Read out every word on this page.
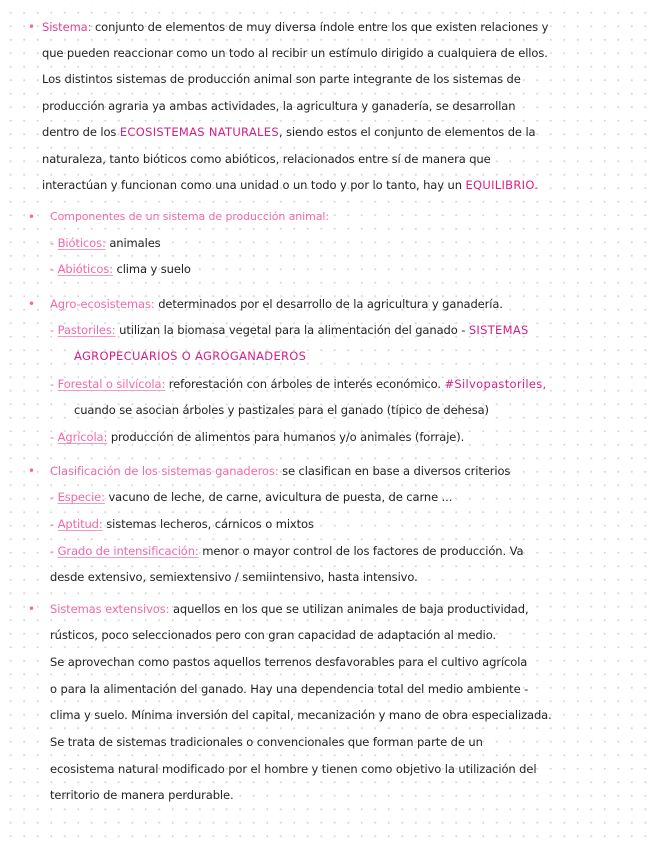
• Sistema: conjunto de elementos de muy diversa índole entre los que existen relaciones y
que pueden reaccionar como un todo al recibir un estímulo dirigido a cualquiera de ellos.
Los distintos sistemas de producción animal son parte integrante de los sistemas de
producción agraria ya ambas actividades, la agricultura y ganadería, se desarrollan
dentro de los ECOSISTEMAS NATURALES, siendo estos el conjunto de elementos de la
naturaleza, tanto bióticos como abióticos, relacionados entre sí de manera que
interactúan y funcionan como una unidad o un todo y por lo tanto, hay un EQUILIBRIO.
• Componentes de un sistema de producción animal:
- Bióticos: animales
- Abióticos: clima y suelo
• Agro-ecosistemas: determinados por el desarrollo de la agricultura y ganadería.
- Pastoriles: utilizan la biomasa vegetal para la alimentación del ganado - SISTEMAS
AGROPECUARIOS O AGROGANADEROS
- Forestal o silvícola: reforestación con árboles de interés económico. #Silvopastoriles,
cuando se asocian árboles y pastizales para el ganado (típico de dehesa)
- Agrícola: producción de alimentos para humanos y/o animales (forraje).
• Clasificación de los sistemas ganaderos: se clasifican en base a diversos criterios
- Especie: vacuno de leche, de carne, avicultura de puesta, de carne ...
- Aptitud: sistemas lecheros, cárnicos o mixtos
- Grado de intensificación: menor o mayor control de los factores de producción. Va
desde extensivo, semiextensivo / semiintensivo, hasta intensivo.
• Sistemas extensivos: aquellos en los que se utilizan animales de baja productividad,
rústicos, poco seleccionados pero con gran capacidad de adaptación al medio.
Se aprovechan como pastos aquellos terrenos desfavorables para el cultivo agrícola
o para la alimentación del ganado. Hay una dependencia total del medio ambiente -
clima y suelo. Mínima inversión del capital, mecanización y mano de obra especializada.
Se trata de sistemas tradicionales o convencionales que forman parte de un
ecosistema natural modificado por el hombre y tienen como objetivo la utilización del
territorio de manera perdurable.
